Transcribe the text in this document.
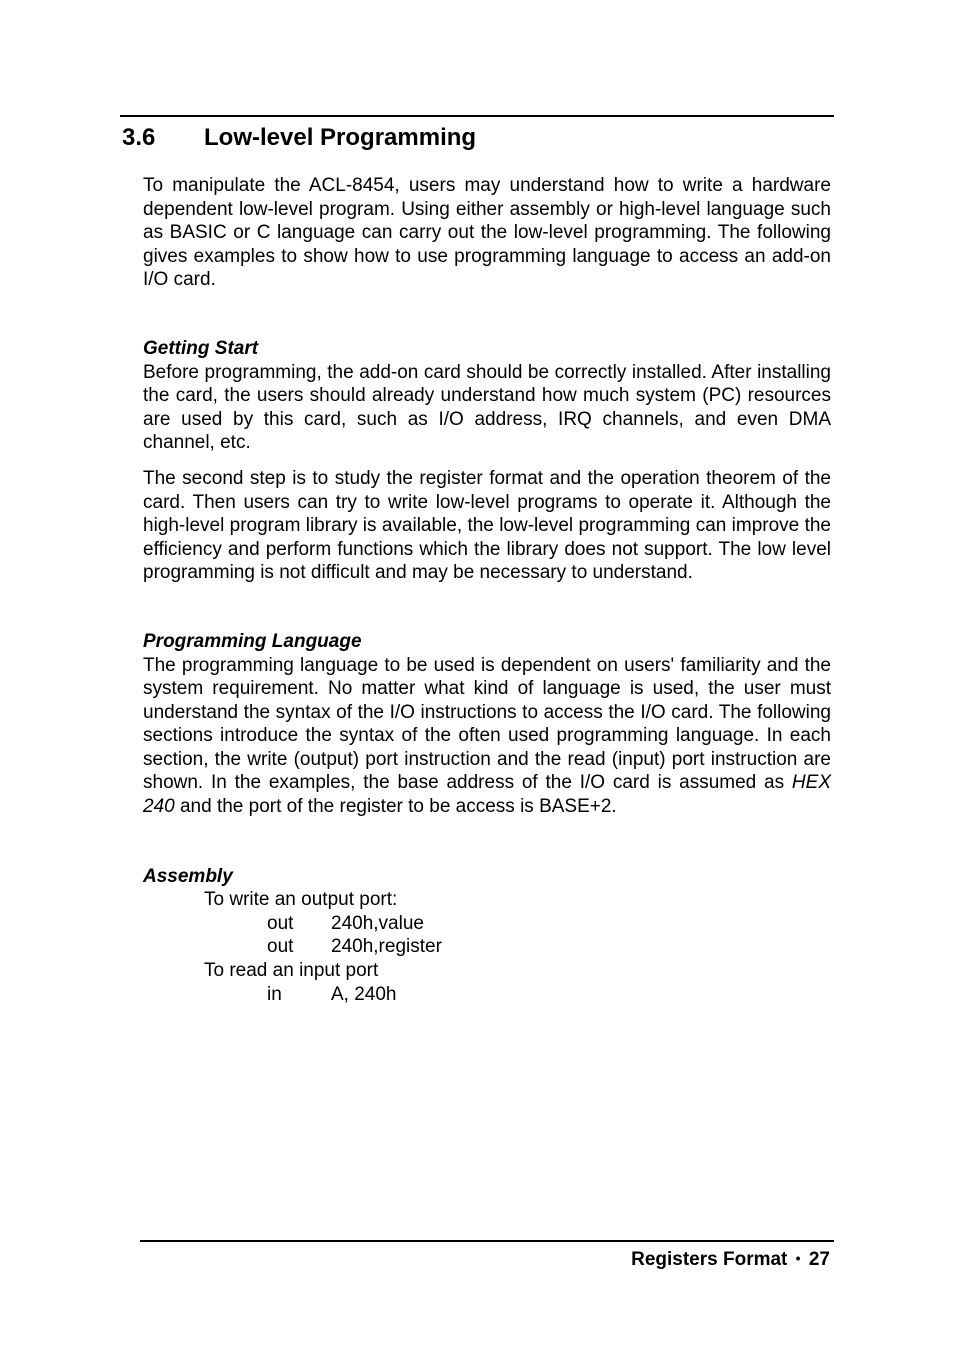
3.6 Low-level Programming

To manipulate the ACL-8454, users may understand how to write a hardware dependent low-level program. Using either assembly or high-level language such as BASIC or C language can carry out the low-level programming. The following gives examples to show how to use programming language to access an add-on I/O card.

Getting Start

Before programming, the add-on card should be correctly installed. After installing the card, the users should already understand how much system (PC) resources are used by this card, such as I/O address, IRQ channels, and even DMA channel, etc.

The second step is to study the register format and the operation theorem of the card. Then users can try to write low-level programs to operate it. Although the high-level program library is available, the low-level programming can improve the efficiency and perform functions which the library does not support. The low level programming is not difficult and may be necessary to understand.

Programming Language

The programming language to be used is dependent on users' familiarity and the system requirement. No matter what kind of language is used, the user must understand the syntax of the I/O instructions to access the I/O card. The following sections introduce the syntax of the often used programming language. In each section, the write (output) port instruction and the read (input) port instruction are shown. In the examples, the base address of the I/O card is assumed as HEX 240 and the port of the register to be access is BASE+2.

Assembly
To write an output port:
out	240h,value
out	240h,register
To read an input port
in	A, 240h
Registers Format • 27
